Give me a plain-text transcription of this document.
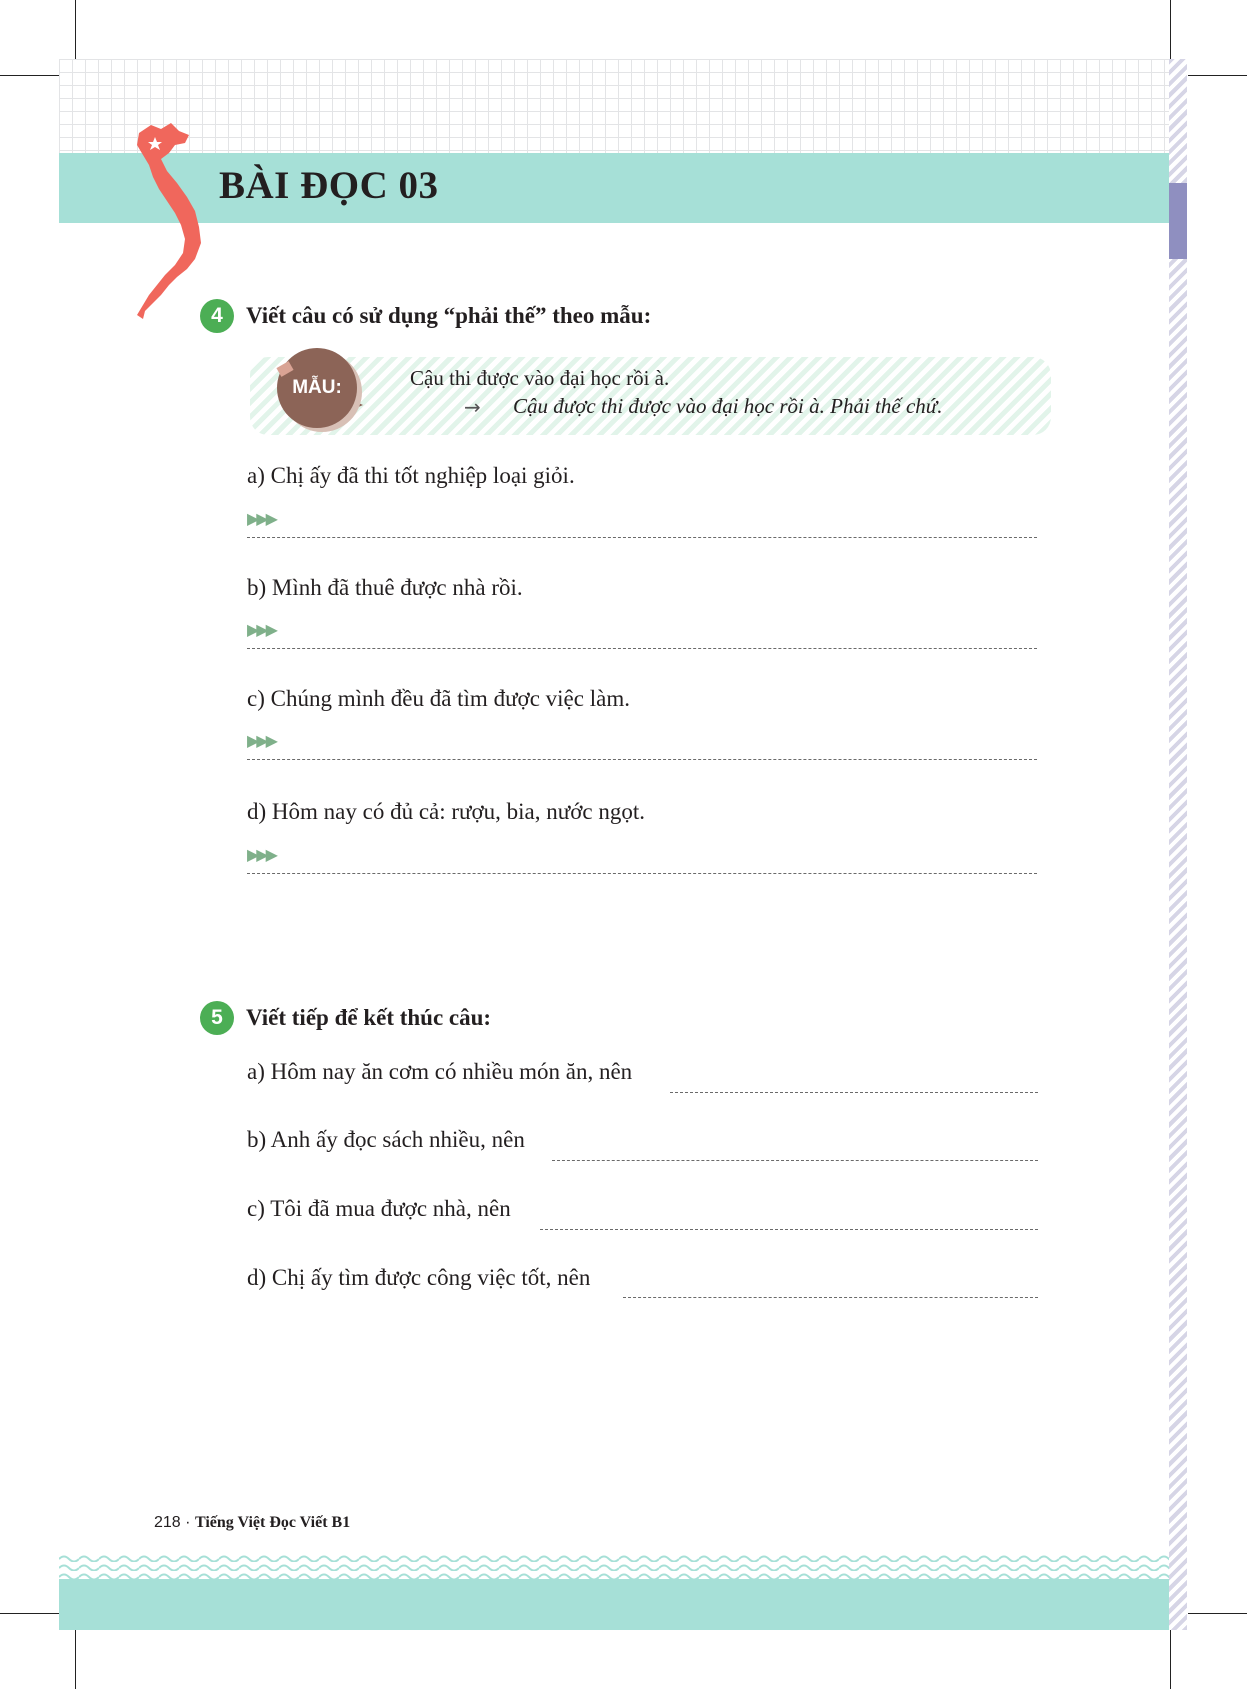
BÀI ĐỌC 03
4	Viết câu có sử dụng “phải thế” theo mẫu:
MẪU:	Cậu thi được vào đại học rồi à.
→ Cậu được thi được vào đại học rồi à. Phải thế chứ.
a) Chị ấy đã thi tốt nghiệp loại giỏi.
▶▶▶
b) Mình đã thuê được nhà rồi.
▶▶▶
c) Chúng mình đều đã tìm được việc làm.
▶▶▶
d) Hôm nay có đủ cả: rượu, bia, nước ngọt.
▶▶▶
5	Viết tiếp để kết thúc câu:
a) Hôm nay ăn cơm có nhiều món ăn, nên
b) Anh ấy đọc sách nhiều, nên
c) Tôi đã mua được nhà, nên
d) Chị ấy tìm được công việc tốt, nên
218 · Tiếng Việt Đọc Viết B1
